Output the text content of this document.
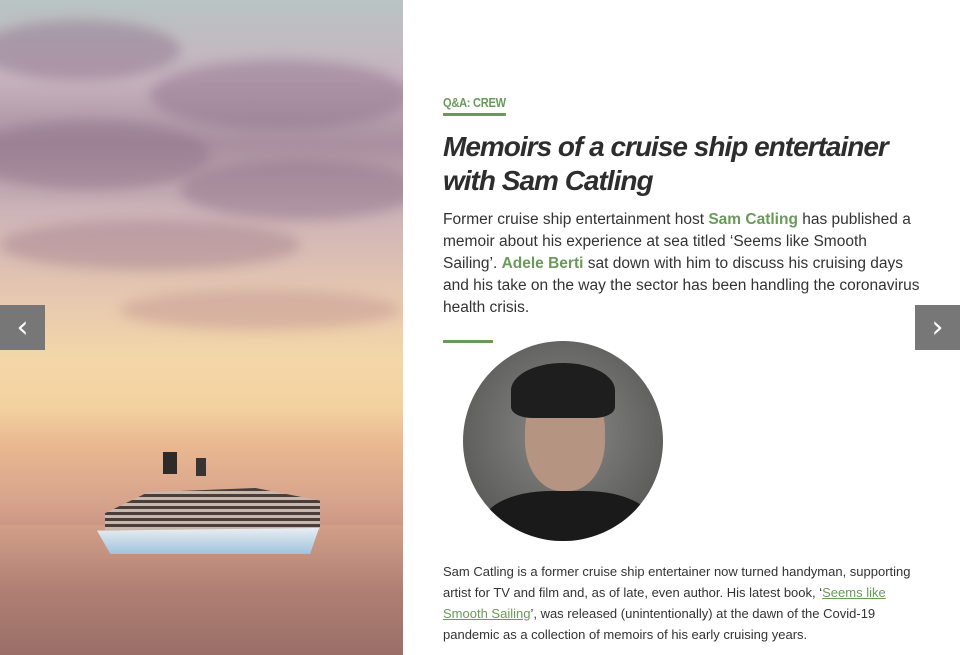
‹	›
Q&A: CREW
Memoirs of a cruise ship entertainer with Sam Catling

Former cruise ship entertainment host Sam Catling has published a memoir about his experience at sea titled ‘Seems like Smooth Sailing’. Adele Berti sat down with him to discuss his cruising days and his take on the way the sector has been handling the coronavirus health crisis.

Sam Catling is a former cruise ship entertainer now turned handyman, supporting artist for TV and film and, as of late, even author. His latest book, ‘Seems like Smooth Sailing’, was released (unintentionally) at the dawn of the Covid-19 pandemic as a collection of memoirs of his early cruising years.
